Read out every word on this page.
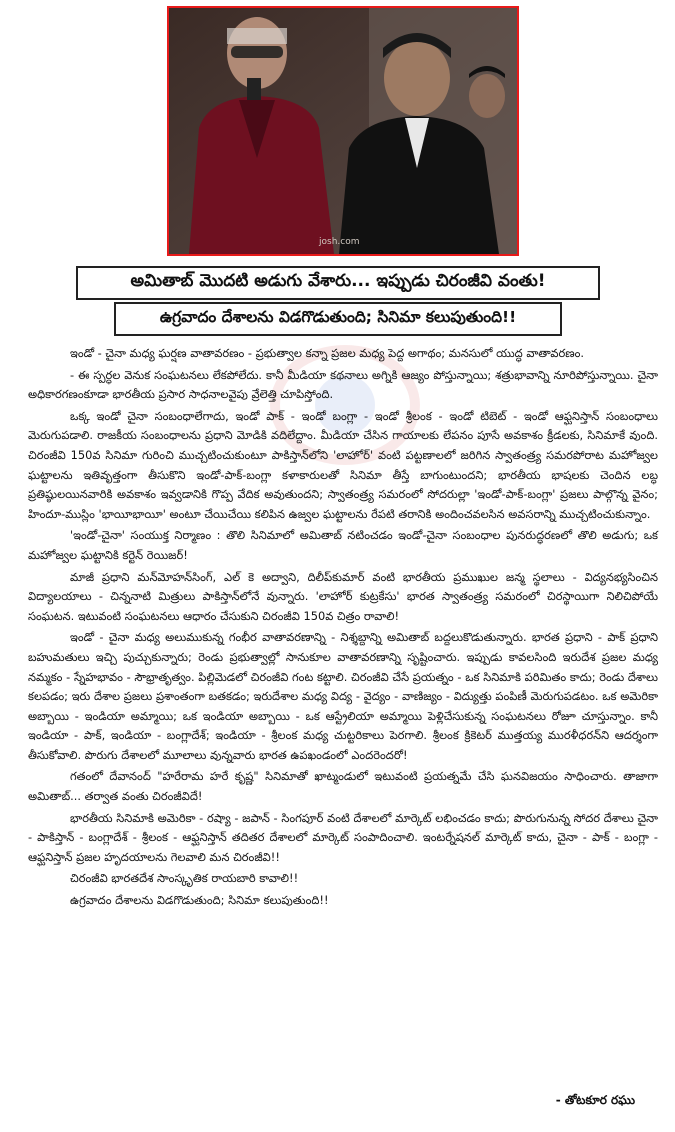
josh.com
అమితాబ్ మొదటి అడుగు వేశారు... ఇప్పుడు చిరంజీవి వంతు!
ఉగ్రవాదం దేశాలను విడగొడుతుంది; సినిమా కలుపుతుంది!!

ఇండో - చైనా మధ్య ఘర్షణ వాతావరణం - ప్రభుత్వాల కన్నా ప్రజల మధ్య పెద్ద అగాథం; మనసులో యుద్ధ వాతావరణం.

- ఈ స్పర్ధల వెనుక సంఘటనలు లేకపోలేదు. కానీ మీడియా కథనాలు అగ్నికి ఆజ్యం పోస్తున్నాయి; శత్రుభావాన్ని నూరిపోస్తున్నాయి. చైనా అధికారగణంకూడా భారతీయ ప్రసార సాధనాలవైపు వ్రేలెత్తి చూపిస్తోంది.

ఒక్క ఇండో చైనా సంబంధాలేగాదు, ఇండో పాక్ - ఇండో బంగ్లా - ఇండో శ్రీలంక - ఇండో టిబెట్ - ఇండో ఆఫ్ఘనిస్తాన్ సంబంధాలు మెరుగుపడాలి. రాజకీయ సంబంధాలను ప్రధాని మోడికి వదిలేద్దాం. మీడియా చేసిన గాయాలకు లేపనం పూసే అవకాశం క్రీడలకు, సినిమాకే వుంది. చిరంజీవి 150వ సినిమా గురించి ముచ్చటించుకుంటూ పాకిస్తాన్‌లోని 'లాహోర్' వంటి పట్టణాలలో జరిగిన స్వాతంత్ర్య సమరపోరాట మహోజ్వల ఘట్టాలను ఇతివృత్తంగా తీసుకొని ఇండో-పాక్-బంగ్లా కళాకారులతో సినిమా తీస్తే బాగుంటుందని; భారతీయ భాషలకు చెందిన లబ్ధ ప్రతిష్ఠులయినవారికి అవకాశం ఇవ్వడానికి గొప్ప వేదిక అవుతుందని; స్వాతంత్ర్య సమరంలో సోదరుల్లా 'ఇండో-పాక్-బంగ్లా' ప్రజలు పాల్గొన్న వైనం; హిందూ-ముస్లిం 'భాయీభాయీ' అంటూ చేయిచేయి కలిపిన ఉజ్వల ఘట్టాలను రేపటి తరానికి అందించవలసిన అవసరాన్ని ముచ్చటించుకున్నాం.

'ఇండో-చైనా' సంయుక్త నిర్మాణం : తొలి సినిమాలో అమితాబ్ నటించడం ఇండో-చైనా సంబంధాల పునరుద్ధరణలో తొలి అడుగు; ఒక మహోజ్వల ఘట్టానికి కర్టెన్ రెయిజర్!

మాజీ ప్రధాని మన్‌మోహన్‌సింగ్, ఎల్ కె అద్వాని, దిలీప్‌కుమార్ వంటి భారతీయ ప్రముఖుల జన్మ స్థలాలు - విద్యనభ్యసించిన విద్యాలయాలు - చిన్ననాటి మిత్రులు పాకిస్తాన్‌లోనే వున్నారు. 'లాహోర్ కుట్రకేసు' భారత స్వాతంత్ర్య సమరంలో చిరస్థాయిగా నిలిచిపోయే సంఘటన. ఇటువంటి సంఘటనలు ఆధారం చేసుకుని చిరంజీవి 150వ చిత్రం రావాలి!

ఇండో - చైనా మధ్య అలుముకున్న గంభీర వాతావరణాన్ని - నిశ్శబ్దాన్ని అమితాబ్ బద్దలుకొడుతున్నారు. భారత ప్రధాని - పాక్ ప్రధాని బహుమతులు ఇచ్చి పుచ్చుకున్నారు; రెండు ప్రభుత్వాల్లో సానుకూల వాతావరణాన్ని సృష్టించారు. ఇప్పుడు కావలసింది ఇరుదేశ ప్రజల మధ్య నమ్మకం - స్నేహభావం - సౌభ్రాతృత్వం. పిల్లిమెడలో చిరంజీవి గంట కట్టాలి. చిరంజీవి చేసే ప్రయత్నం - ఒక సినిమాకి పరిమితం కాదు; రెండు దేశాలు కలపడం; ఇరు దేశాల ప్రజలు ప్రశాంతంగా బతకడం; ఇరుదేశాల మధ్య విద్య - వైద్యం - వాణిజ్యం - విద్యుత్తు పంపిణీ మెరుగుపడటం. ఒక అమెరికా అబ్బాయి - ఇండియా అమ్మాయి; ఒక ఇండియా అబ్బాయి - ఒక ఆస్ట్రేలియా అమ్మాయి పెళ్లిచేసుకున్న సంఘటనలు రోజూ చూస్తున్నాం. కానీ ఇండియా - పాక్, ఇండియా - బంగ్లాదేశ్; ఇండియా - శ్రీలంక మధ్య చుట్టరికాలు పెరగాలి. శ్రీలంక క్రికెటర్ ముత్తయ్య మురళీధరన్‌ని ఆదర్శంగా తీసుకోవాలి. పొరుగు దేశాలలో మూలాలు వున్నవారు భారత ఉపఖండంలో ఎందరెందరో!

గతంలో దేవానంద్ "హరేరామ హరే కృష్ణ" సినిమాతో ఖాట్మండులో ఇటువంటి ప్రయత్నమే చేసి ఘనవిజయం సాధించారు. తాజాగా అమితాబ్... తర్వాత వంతు చిరంజీవిదే!

భారతీయ సినిమాకి అమెరికా - రష్యా - జపాన్ - సింగపూర్ వంటి దేశాలలో మార్కెట్ లభించడం కాదు; పొరుగునున్న సోదర దేశాలు చైనా - పాకిస్తాన్ - బంగ్లాదేశ్ - శ్రీలంక - ఆఫ్ఘనిస్తాన్ తదితర దేశాలలో మార్కెట్ సంపాదించాలి. ఇంటర్నేషనల్ మార్కెట్ కాదు, చైనా - పాక్ - బంగ్లా - ఆఫ్ఘనిస్తాన్ ప్రజల హృదయాలను గెలవాలి మన చిరంజీవి!!

చిరంజీవి భారతదేశ సాంస్కృతిక రాయబారి కావాలి!!

ఉగ్రవాదం దేశాలను విడగొడుతుంది; సినిమా కలుపుతుంది!!

- తోటకూర రఘు
